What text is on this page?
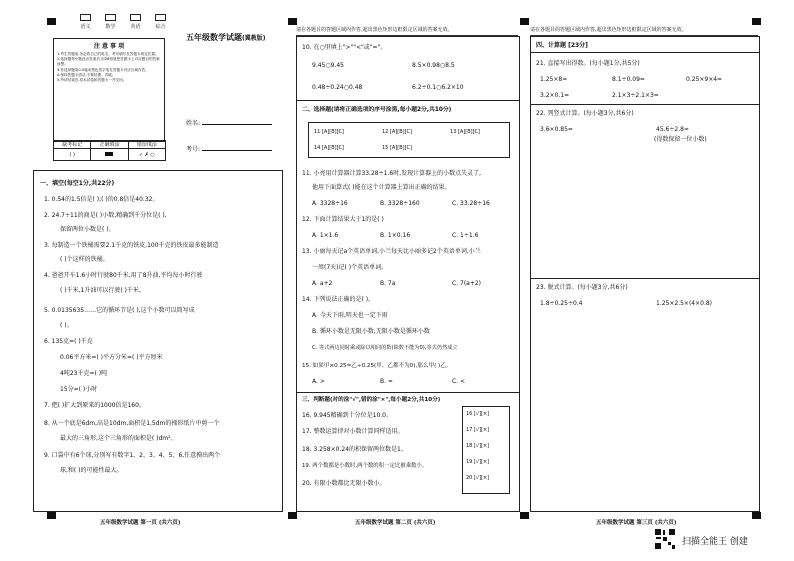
语文	数学	英语	综合
注 意 事 项
1.考生答题前,务必将自己的姓名、考号填写在答题卡规定位置。
2.选择题每小题选出答案后,用2B铅笔把答题卡上对应题目的答案涂黑。
3.非选择题用0.5毫米黑色签字笔在答题卡对应区域作答。
4.保持答题卡清洁,不要折叠、弄破。
5.考试结束后,将本试卷和答题卡一并交回。
缺考标记	正确填涂	错误填涂
( )		✓ ✗ ○
五年级数学试题(冀教版)
姓名:
考号:
一、填空(每空1分,共22分)
1. 0.54的1.5倍是( );( )的0.8倍是40.32。
2. 24.7÷11的商是( )小数,精确到千分位是( ),
保留两位小数是( )。
3. 每制造一个铁桶需要2.1千克的铁皮,100千克的铁皮最多能制造
( )个这样的铁桶。
4. 爸爸开车1.6小时行驶80千米,用了8升油,平均每小时行驶
( )千米,1升油可以行驶( )千米。
5. 0.0135635……它的循环节是( ),这个小数可以简写成
( )。
6. 135克=( )千克
0.06平方米=( )平方分米=( )平方厘米
4吨23千克=( )吨
15分=( )小时
7. 把( )扩大到原来的1000倍是160。
8. 从一个底是6dm,高是10dm,面积是1.5dm的梯形纸片中剪一个
最大的三角形,这个三角形的面积是( )dm²。
9. 口袋中有6个球,分别写有数字1、2、3、4、5、6,任意摸出两个
球,和( )的可能性最大。
五年级数学试题 第一页 (共六页)
请在各题目的答题区域内作答,超出黑色矩形边框限定区域的答案无效。
10. 在○里填上">""<"或"="。
9.45○9.4̇5̇	8.5×0.98○8.5
0.48÷0.24○0.48	6.2÷0.1○6.2×10
二、选择题(请将正确选项的序号涂黑,每小题2分,共10分)
11 [A][B][C]	12 [A][B][C]	13 [A][B][C]
14 [A][B][C]	15 [A][B][C]
11. 小亮用计算器计算33.28÷1.6时,发现计算器上的小数点失灵了,
他用下面算式( )能在这个计算器上算出正确的结果。
A. 3328÷16	B. 3328÷160	C. 33.28÷16
12. 下面计算结果大于1的是( )
A. 1×1.6	B. 1×0.16	C. 1÷1.6
13. 小丽每天记a个英语单词,小兰每天比小丽多记2个英语单词,小兰
一周(7天)记( )个英语单词。
A. a+2	B. 7a	C. 7(a+2)
14. 下列说法正确的是( )。
A. 今天下雨,明天也一定下雨
B. 循环小数是无限小数,无限小数是循环小数
C. 等式两边同时乘或除以相同的数(除数不能为0),等式仍然成立
15. 如果甲×0.25=乙÷0.25(甲、乙都不为0),那么甲( )乙。
A. >	B. =	C. <
三、判断题(对的涂"√",错的涂"×",每小题2分,共10分)
16. 9.945精确到十分位是10.0。
17. 整数运算律对小数计算同样适用。
18. 3.258×0.24的积保留两位数是1。
19. 两个数都是小数时,两个数的积一定比被乘数小。
20. 有限小数都比无限小数小。
16 [√][×]
17 [√][×]
18 [√][×]
19 [√][×]
20 [√][×]
五年级数学试题 第二页 (共六页)
请在各题目的答题区域内作答,超出黑色矩形边框限定区域的答案无效。
四、计算题 [23分]
21. 直接写出得数。(每小题1分,共5分)
1.25×8=	8.1÷0.09=	0.25×9×4=
3.2×0.1=	2.1×3÷2.1×3=
22. 列竖式计算。(每小题3分,共6分)
3.6×0.85=	45.6÷2.8≈
(得数保留一位小数)
23. 脱式计算。(每小题3分,共6分)
1.8÷0.25÷0.4	1.25×2.5×(4×0.8)
五年级数学试题 第三页 (共六页)
扫描全能王 创建
